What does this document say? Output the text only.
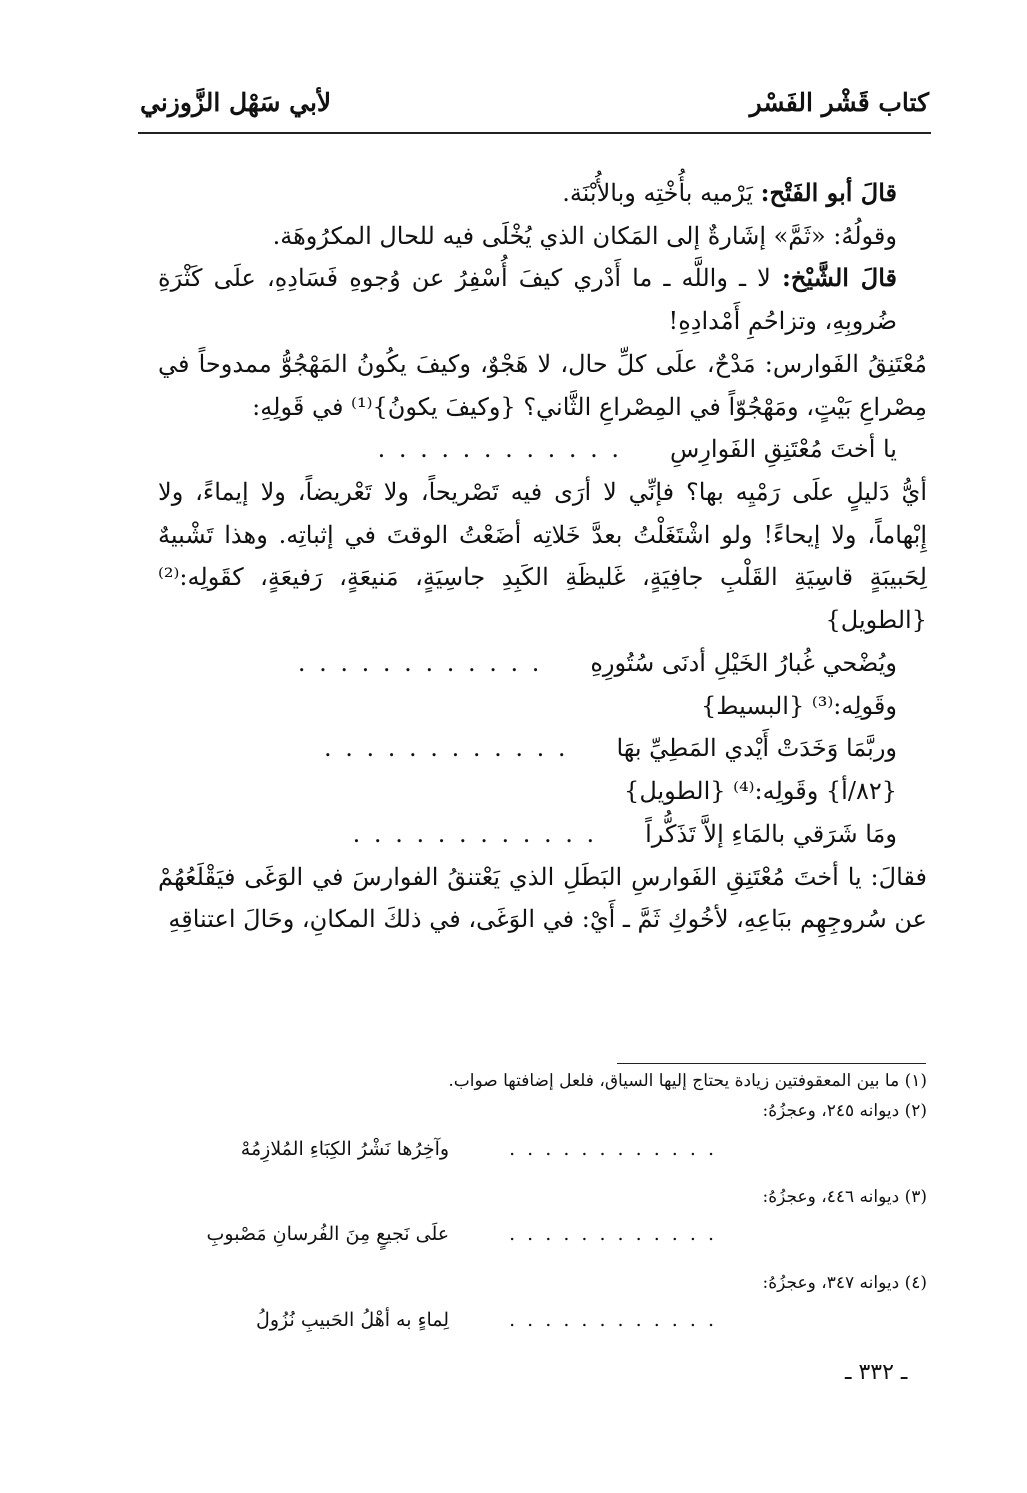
كتاب قَشْر الفَسْر
لأبي سَهْل الزَّوزني

قالَ أبو الفَتْح: يَرْميه بأُخْتِه وبالأُبْنَة.

وقولُهُ: «ثَمَّ» إشَارةٌ إلى المَكان الذي يُخْلَى فيه للحال المكرُوهَة.

قالَ الشَّيْخ: لا ـ واللَّه ـ ما أَدْري كيفَ أُسْفِرُ عن وُجوهِ فَسَادِهِ، علَى كَثْرَةِ ضُروبِهِ، وتزاحُمِ أَمْدادِهِ!

مُعْتَنِقُ الفَوارس: مَدْحٌ، علَى كلِّ حال، لا هَجْوٌ، وكيفَ يكُونُ المَهْجُوُّ ممدوحاً في مِصْراعِ بَيْتٍ، ومَهْجُوّاً في المِصْراعِ الثَّاني؟ {وكيفَ يكونُ}⁽¹⁾ في قَولِهِ:

يا أختَ مُعْتَنِقِ الفَوارِسِ
. . . . . . . . . . . .

أيُّ دَليلٍ علَى رَمْيِه بها؟ فإنِّي لا أرَى فيه تَصْريحاً، ولا تَعْريضاً، ولا إيماءً، ولا إِبْهاماً، ولا إيحاءً! ولو اشْتَغَلْتُ بعدَّ خَلاتِه أضَعْتُ الوقتَ في إثباتِه. وهذا تَشْبيهٌ لِحَبيبَةٍ قاسِيَةِ القَلْبِ جافِيَةٍ، غَليظَةِ الكَبِدِ جاسِيَةٍ، مَنيعَةٍ، رَفيعَةٍ، كقَولِه:⁽²⁾ {الطويل}

ويُضْحي غُبارُ الخَيْلِ أدنَى سُتُورِهِ
. . . . . . . . . . . .

وقَولِه:⁽³⁾ {البسيط}

وربَّمَا وَخَدَتْ أَيْدي المَطِيِّ بهَا
. . . . . . . . . . . .

{٨٢/أ} وقَولِه:⁽⁴⁾ {الطويل}

ومَا شَرَقي بالمَاءِ إلاَّ تَذَكُّراً
. . . . . . . . . . . .

فقالَ: يا أختَ مُعْتَنِقِ الفَوارسِ البَطَلِ الذي يَعْتنقُ الفوارسَ في الوَغَى فيَقْلَعُهُمْ عن سُروجِهِم ببَاعِهِ، لأخُوكِ ثَمَّ ـ أَيْ: في الوَغَى، في ذلكَ المكانِ، وحَالَ اعتناقِهِ

(١) ما بين المعقوفتين زيادة يحتاج إليها السياق، فلعل إضافتها صواب.

(٢) ديوانه ٢٤٥، وعجزُهُ:

. . . . . . . . . . . .
وآخِرُها نَشْرُ الكِبَاءِ المُلازِمُهْ

(٣) ديوانه ٤٤٦، وعجزُهُ:

. . . . . . . . . . . .
علَى نَجيعٍ مِنَ الفُرسانِ مَصْبوبِ

(٤) ديوانه ٣٤٧، وعجزُهُ:

. . . . . . . . . . . .
لِماءٍ به أهْلُ الحَبيبِ نُزُولُ
ـ ٣٣٢ ـ
